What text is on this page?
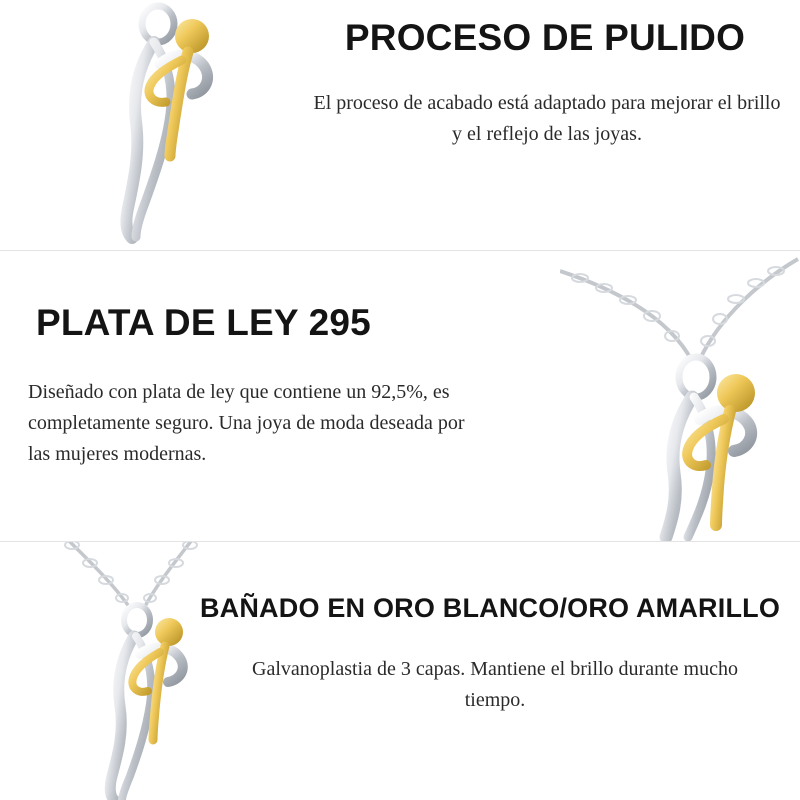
PROCESO DE PULIDO

El proceso de acabado está adaptado para mejorar el brillo y el reflejo de las joyas.

PLATA DE LEY 295

Diseñado con plata de ley que contiene un 92,5%, es completamente seguro. Una joya de moda deseada por las mujeres modernas.

BAÑADO EN ORO BLANCO/ORO AMARILLO

Galvanoplastia de 3 capas. Mantiene el brillo durante mucho tiempo.
